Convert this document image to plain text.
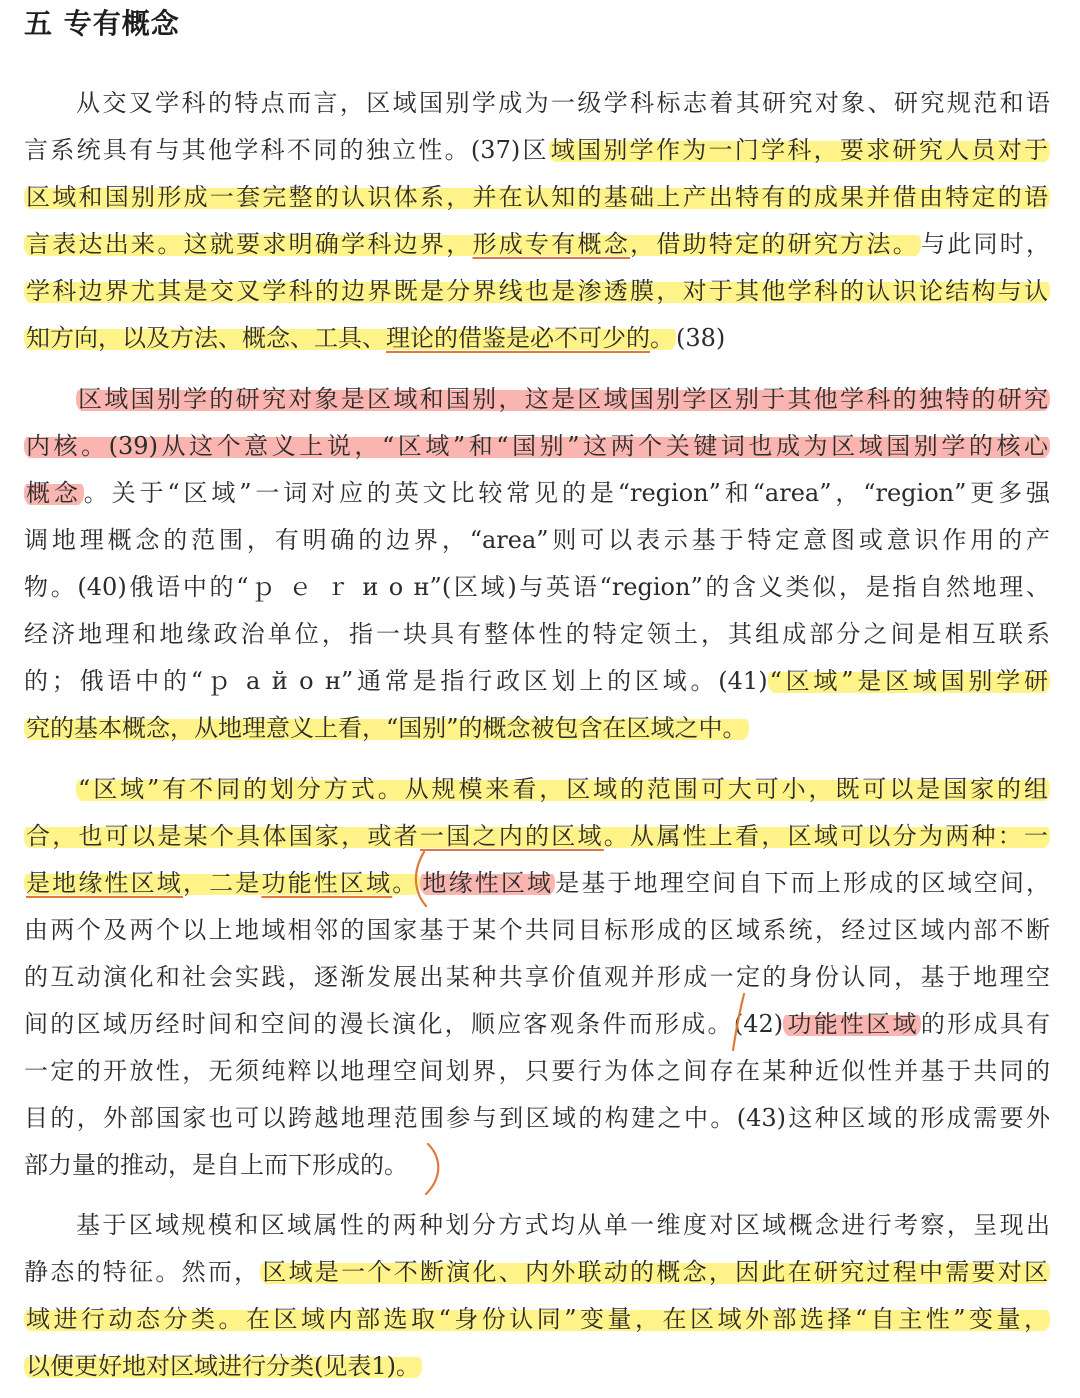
五 专有概念
从交叉学科的特点而言，区域国别学成为一级学科标志着其研究对象、研究规范和语
言系统具有与其他学科不同的独立性。(37)区域国别学作为一门学科，要求研究人员对于
区域和国别形成一套完整的认识体系，并在认知的基础上产出特有的成果并借由特定的语
言表达出来。这就要求明确学科边界，形成专有概念，借助特定的研究方法。与此同时，
学科边界尤其是交叉学科的边界既是分界线也是渗透膜，对于其他学科的认识论结构与认
知方向，以及方法、概念、工具、理论的借鉴是必不可少的。(38)
区域国别学的研究对象是区域和国别，这是区域国别学区别于其他学科的独特的研究
内核。(39)从这个意义上说，“区域”和“国别”这两个关键词也成为区域国别学的核心
概念。关于“区域”一词对应的英文比较常见的是“region”和“area”，“region”更多强
调地理概念的范围，有明确的边界，“area”则可以表示基于特定意图或意识作用的产
物。(40)俄语中的“ｐ ｅ ｒ и о н”(区域)与英语“region”的含义类似，是指自然地理、
经济地理和地缘政治单位，指一块具有整体性的特定领土，其组成部分之间是相互联系
的；俄语中的“ｐ а й о н”通常是指行政区划上的区域。(41)“区域”是区域国别学研
究的基本概念，从地理意义上看，“国别”的概念被包含在区域之中。
“区域”有不同的划分方式。从规模来看，区域的范围可大可小，既可以是国家的组
合，也可以是某个具体国家，或者一国之内的区域。从属性上看，区域可以分为两种：一
是地缘性区域，二是功能性区域。 地缘性区域是基于地理空间自下而上形成的区域空间，
由两个及两个以上地域相邻的国家基于某个共同目标形成的区域系统，经过区域内部不断
的互动演化和社会实践，逐渐发展出某种共享价值观并形成一定的身份认同，基于地理空
间的区域历经时间和空间的漫长演化，顺应客观条件而形成。(42)功能性区域的形成具有
一定的开放性，无须纯粹以地理空间划界，只要行为体之间存在某种近似性并基于共同的
目的，外部国家也可以跨越地理范围参与到区域的构建之中。(43)这种区域的形成需要外
部力量的推动，是自上而下形成的。
基于区域规模和区域属性的两种划分方式均从单一维度对区域概念进行考察，呈现出
静态的特征。然而，区域是一个不断演化、内外联动的概念，因此在研究过程中需要对区
域进行动态分类。在区域内部选取“身份认同”变量，在区域外部选择“自主性”变量，
以便更好地对区域进行分类(见表1)。
